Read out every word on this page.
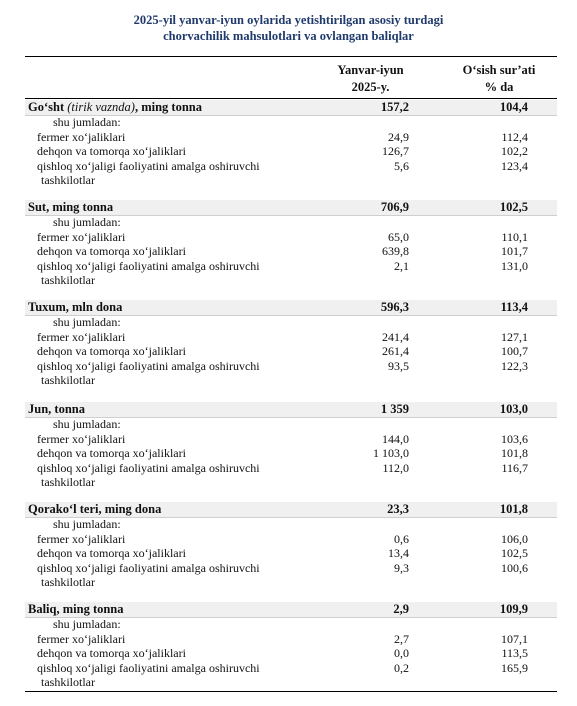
2025-yil yanvar-iyun oylarida yetishtirilgan asosiy turdagi
chorvachilik mahsulotlari va ovlangan baliqlar
Yanvar-iyun
2025-y.
O‘sish sur’ati
% da
Go‘sht (tirik vaznda), ming tonna	157,2	104,4
shu jumladan:
fermer xo‘jaliklari	24,9	112,4
dehqon va tomorqa xo‘jaliklari	126,7	102,2
qishloq xo‘jaligi faoliyatini amalga oshiruvchi	5,6	123,4
tashkilotlar
Sut, ming tonna	706,9	102,5
shu jumladan:
fermer xo‘jaliklari	65,0	110,1
dehqon va tomorqa xo‘jaliklari	639,8	101,7
qishloq xo‘jaligi faoliyatini amalga oshiruvchi	2,1	131,0
tashkilotlar
Tuxum, mln dona	596,3	113,4
shu jumladan:
fermer xo‘jaliklari	241,4	127,1
dehqon va tomorqa xo‘jaliklari	261,4	100,7
qishloq xo‘jaligi faoliyatini amalga oshiruvchi	93,5	122,3
tashkilotlar
Jun, tonna	1 359	103,0
shu jumladan:
fermer xo‘jaliklari	144,0	103,6
dehqon va tomorqa xo‘jaliklari	1 103,0	101,8
qishloq xo‘jaligi faoliyatini amalga oshiruvchi	112,0	116,7
tashkilotlar
Qorako‘l teri, ming dona	23,3	101,8
shu jumladan:
fermer xo‘jaliklari	0,6	106,0
dehqon va tomorqa xo‘jaliklari	13,4	102,5
qishloq xo‘jaligi faoliyatini amalga oshiruvchi	9,3	100,6
tashkilotlar
Baliq, ming tonna	2,9	109,9
shu jumladan:
fermer xo‘jaliklari	2,7	107,1
dehqon va tomorqa xo‘jaliklari	0,0	113,5
qishloq xo‘jaligi faoliyatini amalga oshiruvchi	0,2	165,9
tashkilotlar
